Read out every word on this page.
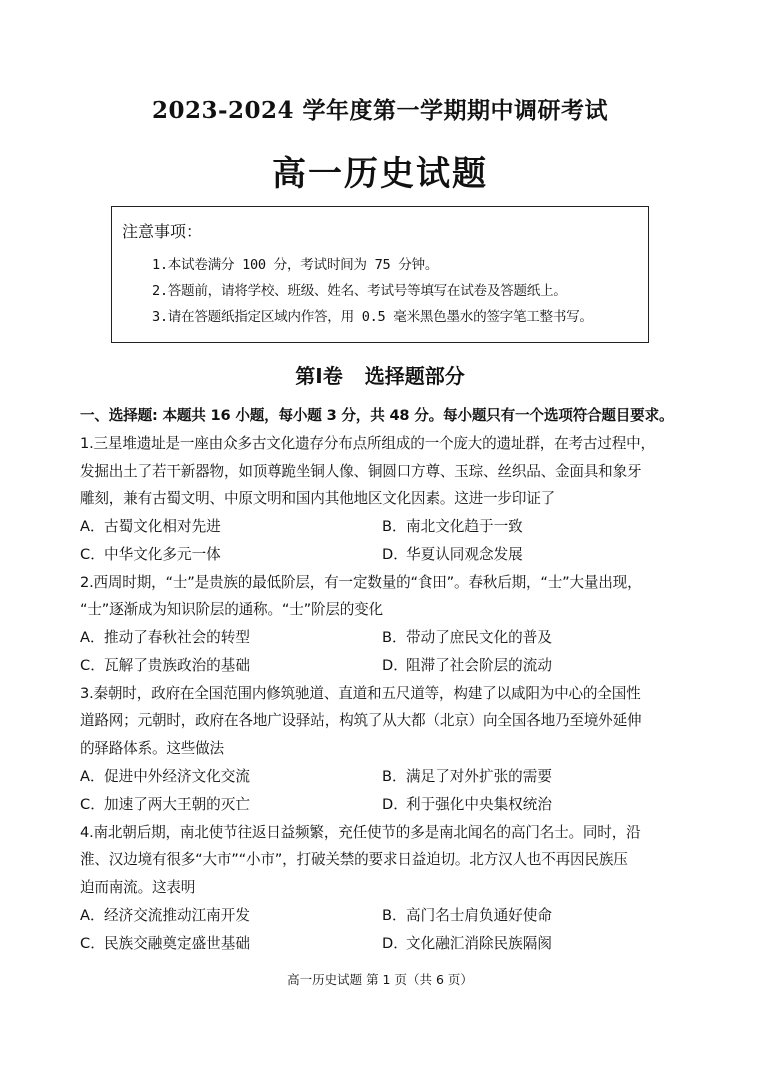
2023-2024 学年度第一学期期中调研考试
高一历史试题
注意事项：
1.本试卷满分 100 分，考试时间为 75 分钟。
2.答题前，请将学校、班级、姓名、考试号等填写在试卷及答题纸上。
3.请在答题纸指定区域内作答，用 0.5 毫米黑色墨水的签字笔工整书写。
第Ⅰ卷 选择题部分
一、选择题: 本题共 16 小题，每小题 3 分，共 48 分。每小题只有一个选项符合题目要求。
1.三星堆遗址是一座由众多古文化遗存分布点所组成的一个庞大的遗址群，在考古过程中，
发掘出土了若干新器物，如顶尊跪坐铜人像、铜圆口方尊、玉琮、丝织品、金面具和象牙
雕刻，兼有古蜀文明、中原文明和国内其他地区文化因素。这进一步印证了
A．古蜀文化相对先进	B．南北文化趋于一致
C．中华文化多元一体	D．华夏认同观念发展
2.西周时期，“士”是贵族的最低阶层，有一定数量的“食田”。春秋后期，“士”大量出现，
“士”逐渐成为知识阶层的通称。“士”阶层的变化
A．推动了春秋社会的转型	B．带动了庶民文化的普及
C．瓦解了贵族政治的基础	D．阻滞了社会阶层的流动
3.秦朝时，政府在全国范围内修筑驰道、直道和五尺道等，构建了以咸阳为中心的全国性
道路网；元朝时，政府在各地广设驿站，构筑了从大都（北京）向全国各地乃至境外延伸
的驿路体系。这些做法
A．促进中外经济文化交流	B．满足了对外扩张的需要
C．加速了两大王朝的灭亡	D．利于强化中央集权统治
4.南北朝后期，南北使节往返日益频繁，充任使节的多是南北闻名的高门名士。同时，沿
淮、汉边境有很多“大市”“小市”，打破关禁的要求日益迫切。北方汉人也不再因民族压
迫而南流。这表明
A．经济交流推动江南开发	B．高门名士肩负通好使命
C．民族交融奠定盛世基础	D．文化融汇消除民族隔阂
高一历史试题 第 1 页（共 6 页）
